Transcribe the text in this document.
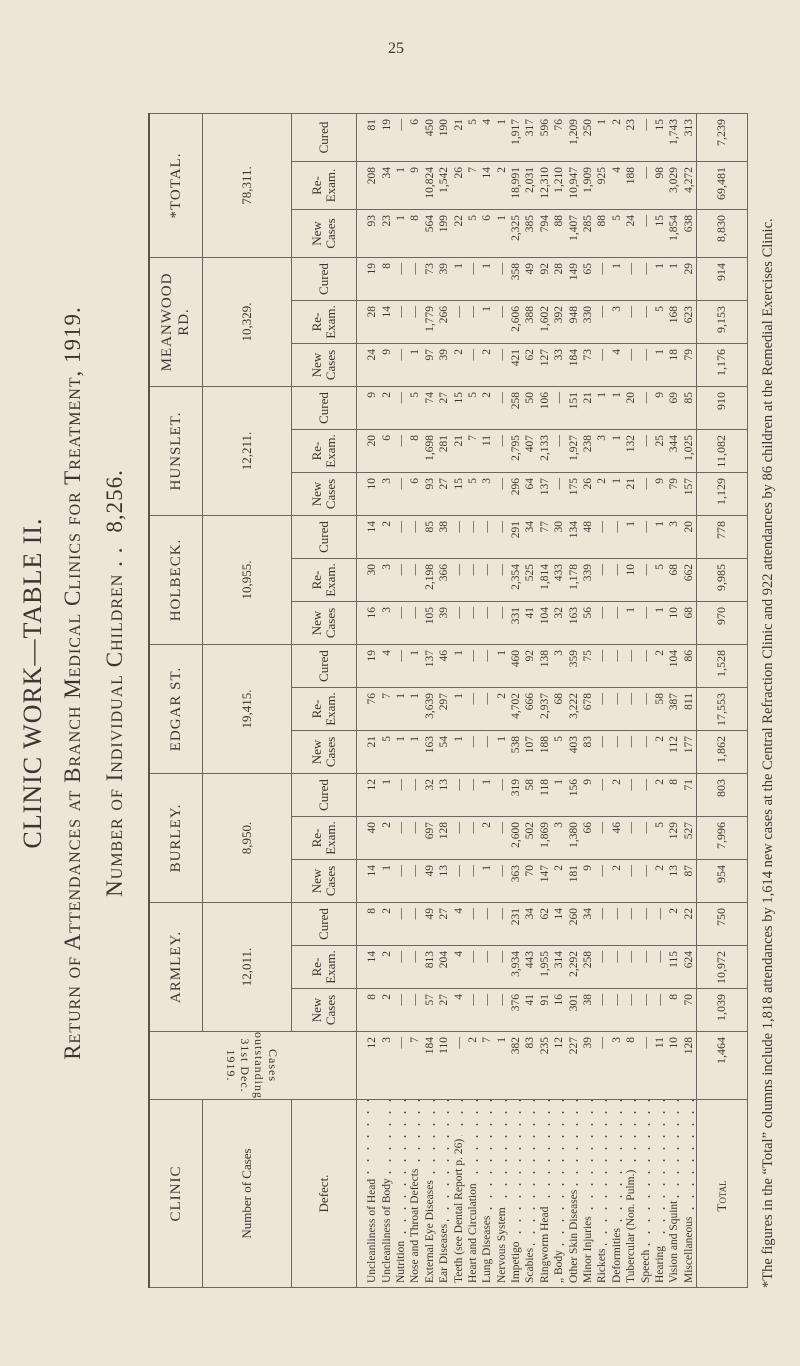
25
CLINIC WORK—TABLE II. Return of Attendances at Branch Medical Clinics for Treatment, 1919. Number of Individual Children . .8,256.
CLINIC	Cases outstanding 31st Dec. 1919.	ARMLEY.			BURLEY.			EDGAR ST.			HOLBECK.			HUNSLET.			MEANWOOD RD.			*TOTAL.		
Number of Cases		12,011.			8,950.			19,415.			10,955.			12,211.			10,329.			78,311.		
Defect.		New Cases	Re-Exam.	Cured	New Cases	Re-Exam.	Cured	New Cases	Re-Exam.	Cured	New Cases	Re-Exam.	Cured	New Cases	Re-Exam.	Cured	New Cases	Re-Exam.	Cured	New Cases	Re-Exam.	Cured
Uncleanliness of Head	12	8	14	8	14	40	12	21	76	19	16	30	14	10	20	9	24	28	19	93	208	81
Uncleanliness of Body	3	2	2	2	1	2	1	5	7	4	3	3	2	3	6	2	9	14	8	23	34	19
Nutrition	—	—	—	—	—	—	—	1	1	—	—	—	—	—	—	—	—	—	—	1	1	—
Nose and Throat Defects	7	—	—	—	—	—	—	1	1	1	—	—	—	6	8	5	1	—	—	8	9	6
External Eye Diseases	184	57	813	49	49	697	32	163	3,639	137	105	2,198	85	93	1,698	74	97	1,779	73	564	10,824	450
Ear Diseases	110	27	204	27	13	128	13	54	297	46	39	366	38	27	281	27	39	266	39	199	1,542	190
Teeth (see Dental Report p. 26)	—	4	4	4	—	—	—	1	1	1	—	—	—	15	21	15	2	—	1	22	26	21
Heart and Circulation	2	—	—	—	—	—	—	—	—	—	—	—	—	5	7	5	—	—	—	5	7	5
Lung Diseases	7	—	—	—	1	2	1	—	—	—	—	—	—	3	11	2	2	1	1	6	14	4
Nervous System	1	—	—	—	—	—	—	1	2	1	—	—	—	—	—	—	—	—	—	1	2	1
Impetigo	382	376	3,934	231	363	2,600	319	538	4,702	460	331	2,354	291	296	2,795	258	421	2,606	358	2,325	18,991	1,917
Scabies	83	41	443	34	70	502	58	107	666	92	41	525	34	64	407	50	62	388	49	385	2,031	317
Ringworm Head	235	91	1,955	62	147	1,869	118	188	2,937	138	104	1,814	77	137	2,133	106	127	1,602	92	794	12,310	596
„ Body	12	16	314	14	2	3	1	5	68	3	32	433	30	—	—	—	33	392	28	88	1,210	76
Other Skin Diseases	227	301	2,292	260	181	1,380	156	403	3,222	359	163	1,178	134	175	1,927	151	184	948	149	1,407	10,947	1,209
Minor Injuries	39	38	258	34	9	66	9	83	678	75	56	339	48	26	238	21	73	330	65	285	1,909	250
Rickets	—	—	—	—	—	—	—	—	—	—	—	—	—	2	3	1	—	—	—	88	925	1
Deformities	3	—	—	—	2	46	2	—	—	—	—	—	—	1	1	1	4	3	1	5	4	2
Tubercular (Non. Pulm.)	8	—	—	—	—	—	—	—	—	—	1	10	1	21	132	20	—	—	—	24	188	23
Speech	—	—	—	—	—	—	—	—	—	—	—	—	—	—	—	—	—	—	—	—	—	—
Hearing	11	—	—	—	2	5	2	2	58	2	1	5	1	9	25	9	1	5	1	15	98	15
Vision and Squint	10	8	115	2	13	129	8	112	387	104	10	68	3	79	344	69	18	168	1	1,854	3,029	1,743
Miscellaneous	128	70	624	22	87	527	71	177	811	86	68	662	20	157	1,025	85	79	623	29	638	4,272	313
Total	1,464	1,039	10,972	750	954	7,996	803	1,862	17,553	1,528	970	9,985	778	1,129	11,082	910	1,176	9,153	914	8,830	69,481	7,239
*The figures in the “Total” columns include 1,818 attendances by 1,614 new cases at the Central Refraction Clinic and 922 attendances by 86 children at the Remedial Exercises Clinic.
